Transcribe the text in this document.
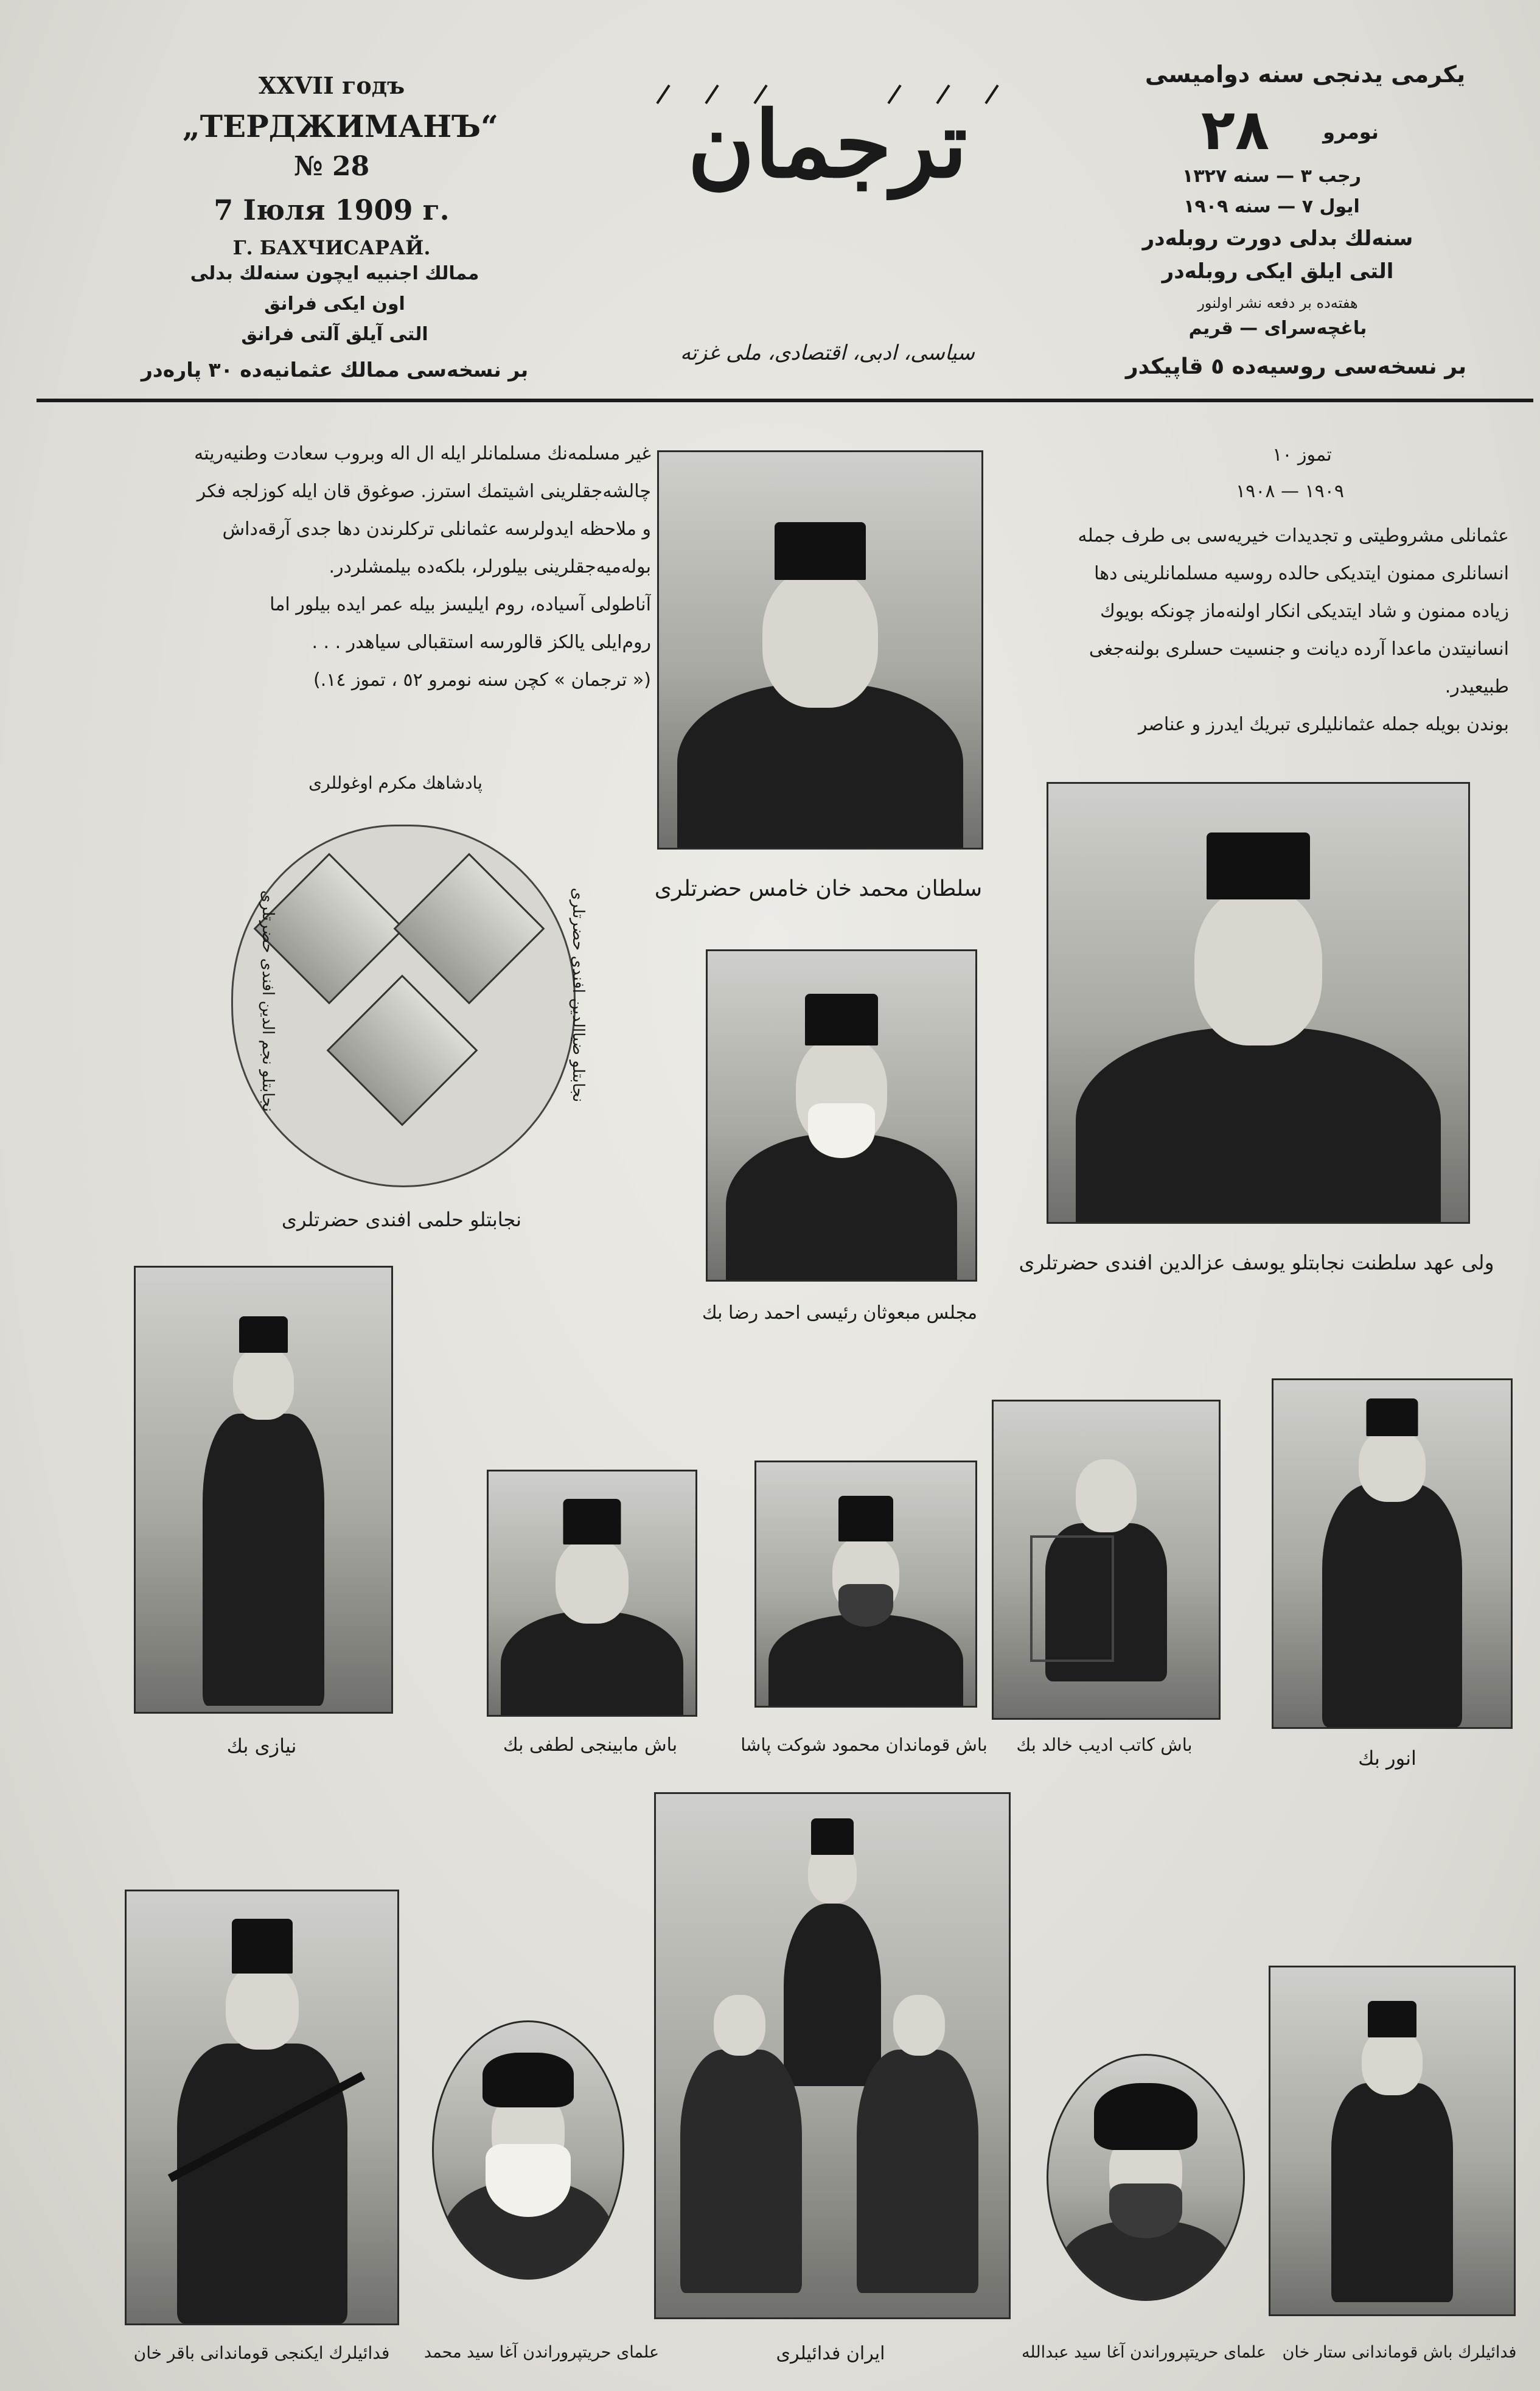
XXVII годъ
„ТЕРДЖИМАНЪ“
№ 28
7 Іюля 1909 г.
Г. БАХЧИСАРАЙ.
ممالك اجنبيه ايچون سنه‌لك بدلى
اون ايكى فرانق
التى آيلق آلتى فرانق
بر نسخه‌سى ممالك عثمانيه‌ده ٣٠ پاره‌در
ترجمان
سياسى، ادبى، اقتصادى، ملى غزته
يكرمى يدنجى سنه دوامیسى
٢٨	نومرو
رجب ٣ — سنه ١٣٢٧
ايول ٧ — سنه ١٩٠٩
سنه‌لك بدلى دورت روبله‌در
التى ايلق ايكى روبله‌در
هفته‌ده بر دفعه نشر اولنور
باغچه‌سراى — قريم
بر نسخه‌سى روسيه‌ده ٥ قاپيكدر
تموز ١٠
١٩٠٩ — ١٩٠٨
عثمانلى مشروطيتى و تجديدات خيريه‌سى بى طرف جمله
انسانلرى ممنون ايتديكى حالده روسيه مسلمانلرينى دها
زياده ممنون و شاد ايتديكى انكار اولنه‌ماز چونكه بويوك
انسانيتدن ماعدا آرده ديانت و جنسيت حسلرى بولنه‌جغى
طبيعيدر.
بوندن بويله جمله عثمانليلرى تبريك ايدرز و عناصر
غير مسلمه‌نك مسلمانلر ايله ال اله وبروب سعادت وطنيه‌ريته
چالشه‌جقلرينى اشيتمك استرز. صوغوق قان ايله كوزلجه فكر
و ملاحظه ايدولرسه عثمانلى تركلرندن دها جدى آرقه‌داش
بوله‌ميه‌جقلرينى بيلورلر، بلكه‌ده بيلمشلردر.
آناطولى آسياده، روم ايليسز بيله عمر ايده بيلور اما
روم‌ايلى يالكز قالورسه استقبالى سياهدر . . .
(« ترجمان » كچن سنه نومرو ٥٢ ، تموز ١٤.)
سلطان محمد خان خامس حضرتلرى
ولى عهد سلطنت نجابتلو يوسف عزالدين افندى حضرتلرى
پادشاهك مكرم اوغوللرى
نجابتلو نجم الدين افندى حضرتلرى	نجابتلو ضياالدين افندى حضرتلرى
نجابتلو حلمى افندى حضرتلرى
مجلس مبعوثان رئيسى احمد رضا بك
نيازى بك	باش مابينجى لطفى بك	باش قوماندان محمود شوكت پاشا	باش كاتب اديب خالد بك
انور بك
فدائيلرك ايكنجى قوماندانى باقر خان	علماى حريتپروراندن آغا سيد محمد	ايران فدائيلرى	علماى حريتپروراندن آغا سيد عبدالله فدائيلرك باش قوماندانى ستار خان
